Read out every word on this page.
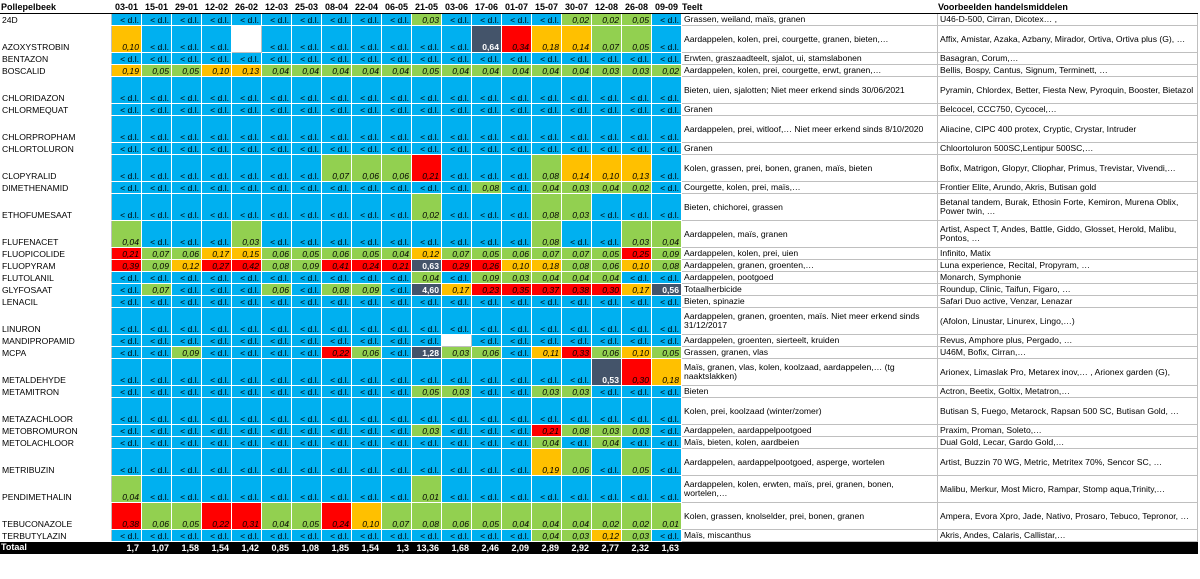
Pollepelbeek	03-01	15-01	29-01	12-02	26-02	12-03	25-03	08-04	22-04	06-05	21-05	03-06	17-06	01-07	15-07	30-07	12-08	26-08	09-09	Teelt	Voorbeelden handelsmiddelen
24D	< d.l.	< d.l.	< d.l.	< d.l.	< d.l.	< d.l.	< d.l.	< d.l.	< d.l.	< d.l.	0,03	< d.l.	< d.l.	< d.l.	< d.l.	0,02	0,02	0,05	< d.l.	Grassen, weiland, maïs, granen	U46-D-500, Cirran, Dicotex… ,
AZOXYSTROBIN	0,10	< d.l.	< d.l.	< d.l.		< d.l.	< d.l.	< d.l.	< d.l.	< d.l.	< d.l.	< d.l.	0,64	0,34	0,18	0,14	0,07	0,05	< d.l.	Aardappelen, kolen, prei, courgette, granen, bieten,…	Affix, Amistar, Azaka, Azbany, Mirador, Ortiva, Ortiva plus (G), …
BENTAZON	< d.l.	< d.l.	< d.l.	< d.l.	< d.l.	< d.l.	< d.l.	< d.l.	< d.l.	< d.l.	< d.l.	< d.l.	< d.l.	< d.l.	< d.l.	< d.l.	< d.l.	< d.l.	< d.l.	Erwten, graszaadteelt, sjalot, ui, stamslabonen	Basagran, Corum,…
BOSCALID	0,19	0,05	0,05	0,10	0,13	0,04	0,04	0,04	0,04	0,04	0,05	0,04	0,04	0,04	0,04	0,04	0,03	0,03	0,02	Aardappelen, kolen, prei, courgette, erwt, granen,…	Bellis, Bospy, Cantus, Signum, Terminett, …
CHLORIDAZON	< d.l.	< d.l.	< d.l.	< d.l.	< d.l.	< d.l.	< d.l.	< d.l.	< d.l.	< d.l.	< d.l.	< d.l.	< d.l.	< d.l.	< d.l.	< d.l.	< d.l.	< d.l.	< d.l.	Bieten, uien, sjalotten; Niet meer erkend sinds 30/06/2021	Pyramin, Chlordex, Better, Fiesta New, Pyroquin, Booster, Bietazol
CHLORMEQUAT	< d.l.	< d.l.	< d.l.	< d.l.	< d.l.	< d.l.	< d.l.	< d.l.	< d.l.	< d.l.	< d.l.	< d.l.	< d.l.	< d.l.	< d.l.	< d.l.	< d.l.	< d.l.	< d.l.	Granen	Belcocel, CCC750, Cycocel,…
CHLORPROPHAM	< d.l.	< d.l.	< d.l.	< d.l.	< d.l.	< d.l.	< d.l.	< d.l.	< d.l.	< d.l.	< d.l.	< d.l.	< d.l.	< d.l.	< d.l.	< d.l.	< d.l.	< d.l.	< d.l.	Aardappelen, prei, witloof,… Niet meer erkend sinds 8/10/2020	Aliacine, CIPC 400 protex, Cryptic, Crystar, Intruder
CHLORTOLURON	< d.l.	< d.l.	< d.l.	< d.l.	< d.l.	< d.l.	< d.l.	< d.l.	< d.l.	< d.l.	< d.l.	< d.l.	< d.l.	< d.l.	< d.l.	< d.l.	< d.l.	< d.l.	< d.l.	Granen	Chloortoluron 500SC,Lentipur 500SC,…
CLOPYRALID	< d.l.	< d.l.	< d.l.	< d.l.	< d.l.	< d.l.	< d.l.	0,07	0,06	0,06	0,21	< d.l.	< d.l.	< d.l.	0,08	0,14	0,10	0,13	< d.l.	Kolen, grassen, prei, bonen, granen, maïs, bieten	Bofix, Matrigon, Glopyr, Cliophar, Primus, Trevistar, Vivendi,…
DIMETHENAMID	< d.l.	< d.l.	< d.l.	< d.l.	< d.l.	< d.l.	< d.l.	< d.l.	< d.l.	< d.l.	< d.l.	< d.l.	0,08	< d.l.	0,04	0,03	0,04	0,02	< d.l.	Courgette, kolen, prei, maïs,…	Frontier Elite, Arundo, Akris, Butisan gold
ETHOFUMESAAT	< d.l.	< d.l.	< d.l.	< d.l.	< d.l.	< d.l.	< d.l.	< d.l.	< d.l.	< d.l.	0,02	< d.l.	< d.l.	< d.l.	0,08	0,03	< d.l.	< d.l.	< d.l.	Bieten, chichorei, grassen	Betanal tandem, Burak, Ethosin Forte, Kemiron, Murena Oblix, Power twin, …
FLUFENACET	0,04	< d.l.	< d.l.	< d.l.	0,03	< d.l.	< d.l.	< d.l.	< d.l.	< d.l.	< d.l.	< d.l.	< d.l.	< d.l.	0,08	< d.l.	< d.l.	0,03	0,04	Aardappelen, maïs, granen	Artist, Aspect T, Andes, Battle, Giddo, Glosset, Herold, Malibu, Pontos, …
FLUOPICOLIDE	0,21	0,07	0,06	0,17	0,15	0,06	0,05	0,06	0,05	0,04	0,12	0,07	0,05	0,06	0,07	0,07	0,05	0,25	0,09	Aardappelen, kolen, prei, uien	Infinito, Matix
FLUOPYRAM	0,39	0,09	0,12	0,27	0,42	0,08	0,09	0,41	0,24	0,21	0,63	0,29	0,26	0,10	0,18	0,08	0,06	0,10	0,08	Aardappelen, granen, groenten,…	Luna experience, Recital, Propyram, …
FLUTOLANIL	< d.l.	< d.l.	< d.l.	< d.l.	< d.l.	< d.l.	< d.l.	< d.l.	< d.l.	< d.l.	0,04	< d.l.	0,09	0,03	0,04	0,04	0,04	< d.l.	< d.l.	Aardappelen, pootgoed	Monarch, Symphonie
GLYFOSAAT	< d.l.	0,07	< d.l.	< d.l.	< d.l.	0,06	< d.l.	0,08	0,09	< d.l.	4,60	0,17	0,23	0,35	0,37	0,38	0,30	0,17	0,56	Totaalherbicide	Roundup, Clinic, Taifun, Figaro, …
LENACIL	< d.l.	< d.l.	< d.l.	< d.l.	< d.l.	< d.l.	< d.l.	< d.l.	< d.l.	< d.l.	< d.l.	< d.l.	< d.l.	< d.l.	< d.l.	< d.l.	< d.l.	< d.l.	< d.l.	Bieten, spinazie	Safari Duo active, Venzar, Lenazar
LINURON	< d.l.	< d.l.	< d.l.	< d.l.	< d.l.	< d.l.	< d.l.	< d.l.	< d.l.	< d.l.	< d.l.	< d.l.	< d.l.	< d.l.	< d.l.	< d.l.	< d.l.	< d.l.	< d.l.	Aardappelen, granen, groenten, maïs. Niet meer erkend sinds 31/12/2017	(Afolon, Linustar, Linurex, Lingo,…)
MANDIPROPAMID	< d.l.	< d.l.	< d.l.	< d.l.	< d.l.	< d.l.	< d.l.	< d.l.	< d.l.	< d.l.	< d.l.		< d.l.	< d.l.	< d.l.	< d.l.	< d.l.	< d.l.	< d.l.	Aardappelen, groenten, sierteelt, kruiden	Revus, Amphore plus, Pergado, …
MCPA	< d.l.	< d.l.	0,09	< d.l.	< d.l.	< d.l.	< d.l.	0,22	0,06	< d.l.	1,28	0,03	0,06	< d.l.	0,11	0,33	0,06	0,10	0,05	Grassen, granen, vlas	U46M, Bofix, Cirran,…
METALDEHYDE	< d.l.	< d.l.	< d.l.	< d.l.	< d.l.	< d.l.	< d.l.	< d.l.	< d.l.	< d.l.	< d.l.	< d.l.	< d.l.	< d.l.	< d.l.	< d.l.	0,53	0,30	0,18	Maïs, granen, vlas, kolen, koolzaad, aardappelen,… (tg naaktslakken)	Arionex, Limaslak Pro, Metarex inov,… , Arionex garden (G),
METAMITRON	< d.l.	< d.l.	< d.l.	< d.l.	< d.l.	< d.l.	< d.l.	< d.l.	< d.l.	< d.l.	0,05	0,03	< d.l.	< d.l.	0,03	0,03	< d.l.	< d.l.	< d.l.	Bieten	Actron, Beetix, Goltix, Metatron,…
METAZACHLOOR	< d.l.	< d.l.	< d.l.	< d.l.	< d.l.	< d.l.	< d.l.	< d.l.	< d.l.	< d.l.	< d.l.	< d.l.	< d.l.	< d.l.	< d.l.	< d.l.	< d.l.	< d.l.	< d.l.	Kolen, prei, koolzaad (winter/zomer)	Butisan S, Fuego, Metarock, Rapsan 500 SC, Butisan Gold, …
METOBROMURON	< d.l.	< d.l.	< d.l.	< d.l.	< d.l.	< d.l.	< d.l.	< d.l.	< d.l.	< d.l.	0,03	< d.l.	< d.l.	< d.l.	0,21	0,08	0,03	0,03	< d.l.	Aardappelen, aardappelpootgoed	Praxim, Proman, Soleto,…
METOLACHLOOR	< d.l.	< d.l.	< d.l.	< d.l.	< d.l.	< d.l.	< d.l.	< d.l.	< d.l.	< d.l.	< d.l.	< d.l.	< d.l.	< d.l.	0,04	< d.l.	0,04	< d.l.	< d.l.	Maïs, bieten, kolen, aardbeien	Dual Gold, Lecar, Gardo Gold,…
METRIBUZIN	< d.l.	< d.l.	< d.l.	< d.l.	< d.l.	< d.l.	< d.l.	< d.l.	< d.l.	< d.l.	< d.l.	< d.l.	< d.l.	< d.l.	0,19	0,06	< d.l.	0,05	< d.l.	Aardappelen, aardappelpootgoed, asperge, wortelen	Artist, Buzzin 70 WG, Metric, Metritex 70%, Sencor SC, …
PENDIMETHALIN	0,04	< d.l.	< d.l.	< d.l.	< d.l.	< d.l.	< d.l.	< d.l.	< d.l.	< d.l.	0,01	< d.l.	< d.l.	< d.l.	< d.l.	< d.l.	< d.l.	< d.l.	< d.l.	Aardappelen, kolen, erwten, maïs, prei, granen, bonen, wortelen,…	Malibu, Merkur, Most Micro, Rampar, Stomp aqua,Trinity,…
TEBUCONAZOLE	0,38	0,06	0,05	0,22	0,31	0,04	0,05	0,24	0,10	0,07	0,08	0,06	0,05	0,04	0,04	0,04	0,02	0,02	0,01	Kolen, grassen, knolselder, prei, bonen, granen	Ampera, Evora Xpro, Jade, Nativo, Prosaro, Tebuco, Tepronor, …
TERBUTYLAZIN	< d.l.	< d.l.	< d.l.	< d.l.	< d.l.	< d.l.	< d.l.	< d.l.	< d.l.	< d.l.	< d.l.	< d.l.	< d.l.	< d.l.	0,04	0,03	0,12	0,03	< d.l.	Maïs, miscanthus	Akris, Andes, Calaris, Callistar,…
Totaal	1,7	1,07	1,58	1,54	1,42	0,85	1,08	1,85	1,54	1,3	13,36	1,68	2,46	2,09	2,89	2,92	2,77	2,32	1,63		
